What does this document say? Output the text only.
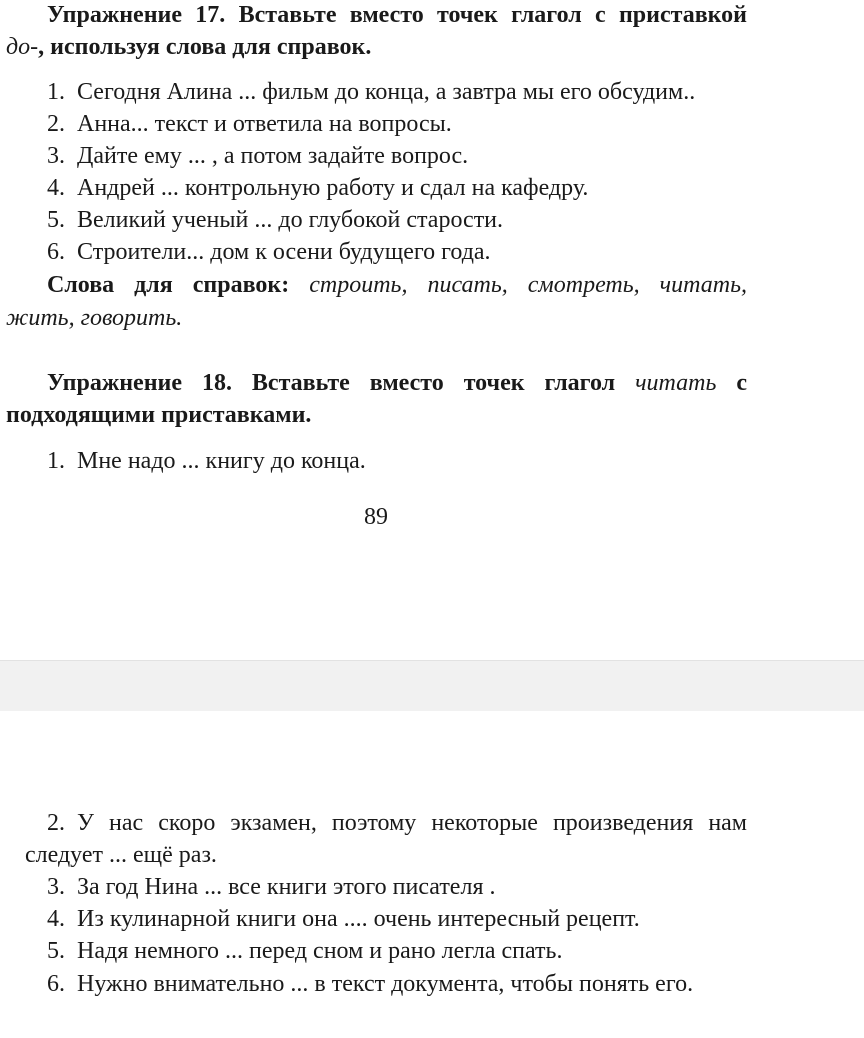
Упражнение 17. Вставьте вместо точек глагол с приставкой
до-, используя слова для справок.
1. Сегодня Алина ... фильм до конца, а завтра мы его обсудим..
2. Анна... текст и ответила на вопросы.
3. Дайте ему ... , а потом задайте вопрос.
4. Андрей ... контрольную работу и сдал на кафедру.
5. Великий ученый ... до глубокой старости.
6. Строители... дом к осени будущего года.
Слова для справок: строить, писать, смотреть, читать,
жить, говорить.
Упражнение 18. Вставьте вместо точек глагол читать с
подходящими приставками.
1. Мне надо ... книгу до конца.
89
2. У нас скоро экзамен, поэтому некоторые произведения нам
следует ... ещё раз.
3. За год Нина ... все книги этого писателя .
4. Из кулинарной книги она .... очень интересный рецепт.
5. Надя немного ... перед сном и рано легла спать.
6. Нужно внимательно ... в текст документа, чтобы понять его.
